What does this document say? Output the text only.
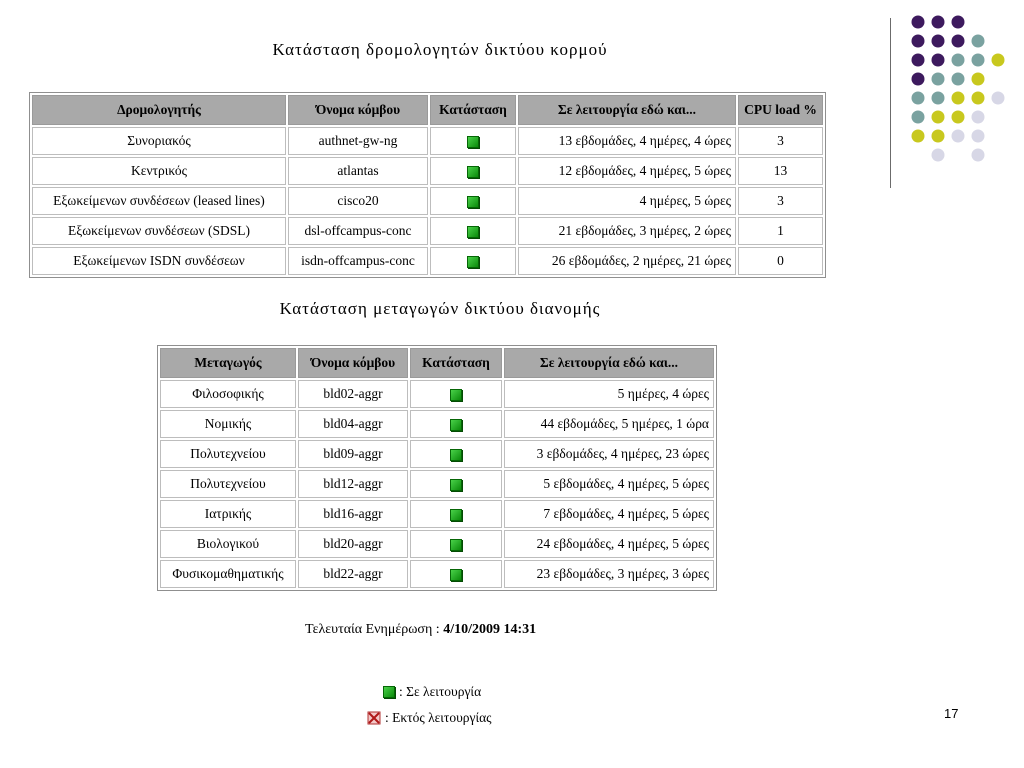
Κατάσταση δρομολογητών δικτύου κορμού
Δρομολογητής	Όνομα κόμβου	Κατάσταση	Σε λειτουργία εδώ και...	CPU load %
Συνοριακός	authnet-gw-ng		13 εβδομάδες, 4 ημέρες, 4 ώρες	3
Κεντρικός	atlantas		12 εβδομάδες, 4 ημέρες, 5 ώρες	13
Εξωκείμενων συνδέσεων (leased lines)	cisco20		4 ημέρες, 5 ώρες	3
Εξωκείμενων συνδέσεων (SDSL)	dsl-offcampus-conc		21 εβδομάδες, 3 ημέρες, 2 ώρες	1
Εξωκείμενων ISDN συνδέσεων	isdn-offcampus-conc		26 εβδομάδες, 2 ημέρες, 21 ώρες	0
Κατάσταση μεταγωγών δικτύου διανομής
Μεταγωγός	Όνομα κόμβου	Κατάσταση	Σε λειτουργία εδώ και...
Φιλοσοφικής	bld02-aggr		5 ημέρες, 4 ώρες
Νομικής	bld04-aggr		44 εβδομάδες, 5 ημέρες, 1 ώρα
Πολυτεχνείου	bld09-aggr		3 εβδομάδες, 4 ημέρες, 23 ώρες
Πολυτεχνείου	bld12-aggr		5 εβδομάδες, 4 ημέρες, 5 ώρες
Ιατρικής	bld16-aggr		7 εβδομάδες, 4 ημέρες, 5 ώρες
Βιολογικού	bld20-aggr		24 εβδομάδες, 4 ημέρες, 5 ώρες
Φυσικομαθηματικής	bld22-aggr		23 εβδομάδες, 3 ημέρες, 3 ώρες
Τελευταία Ενημέρωση : 4/10/2009 14:31
: Σε λειτουργία
: Εκτός λειτουργίας	17
